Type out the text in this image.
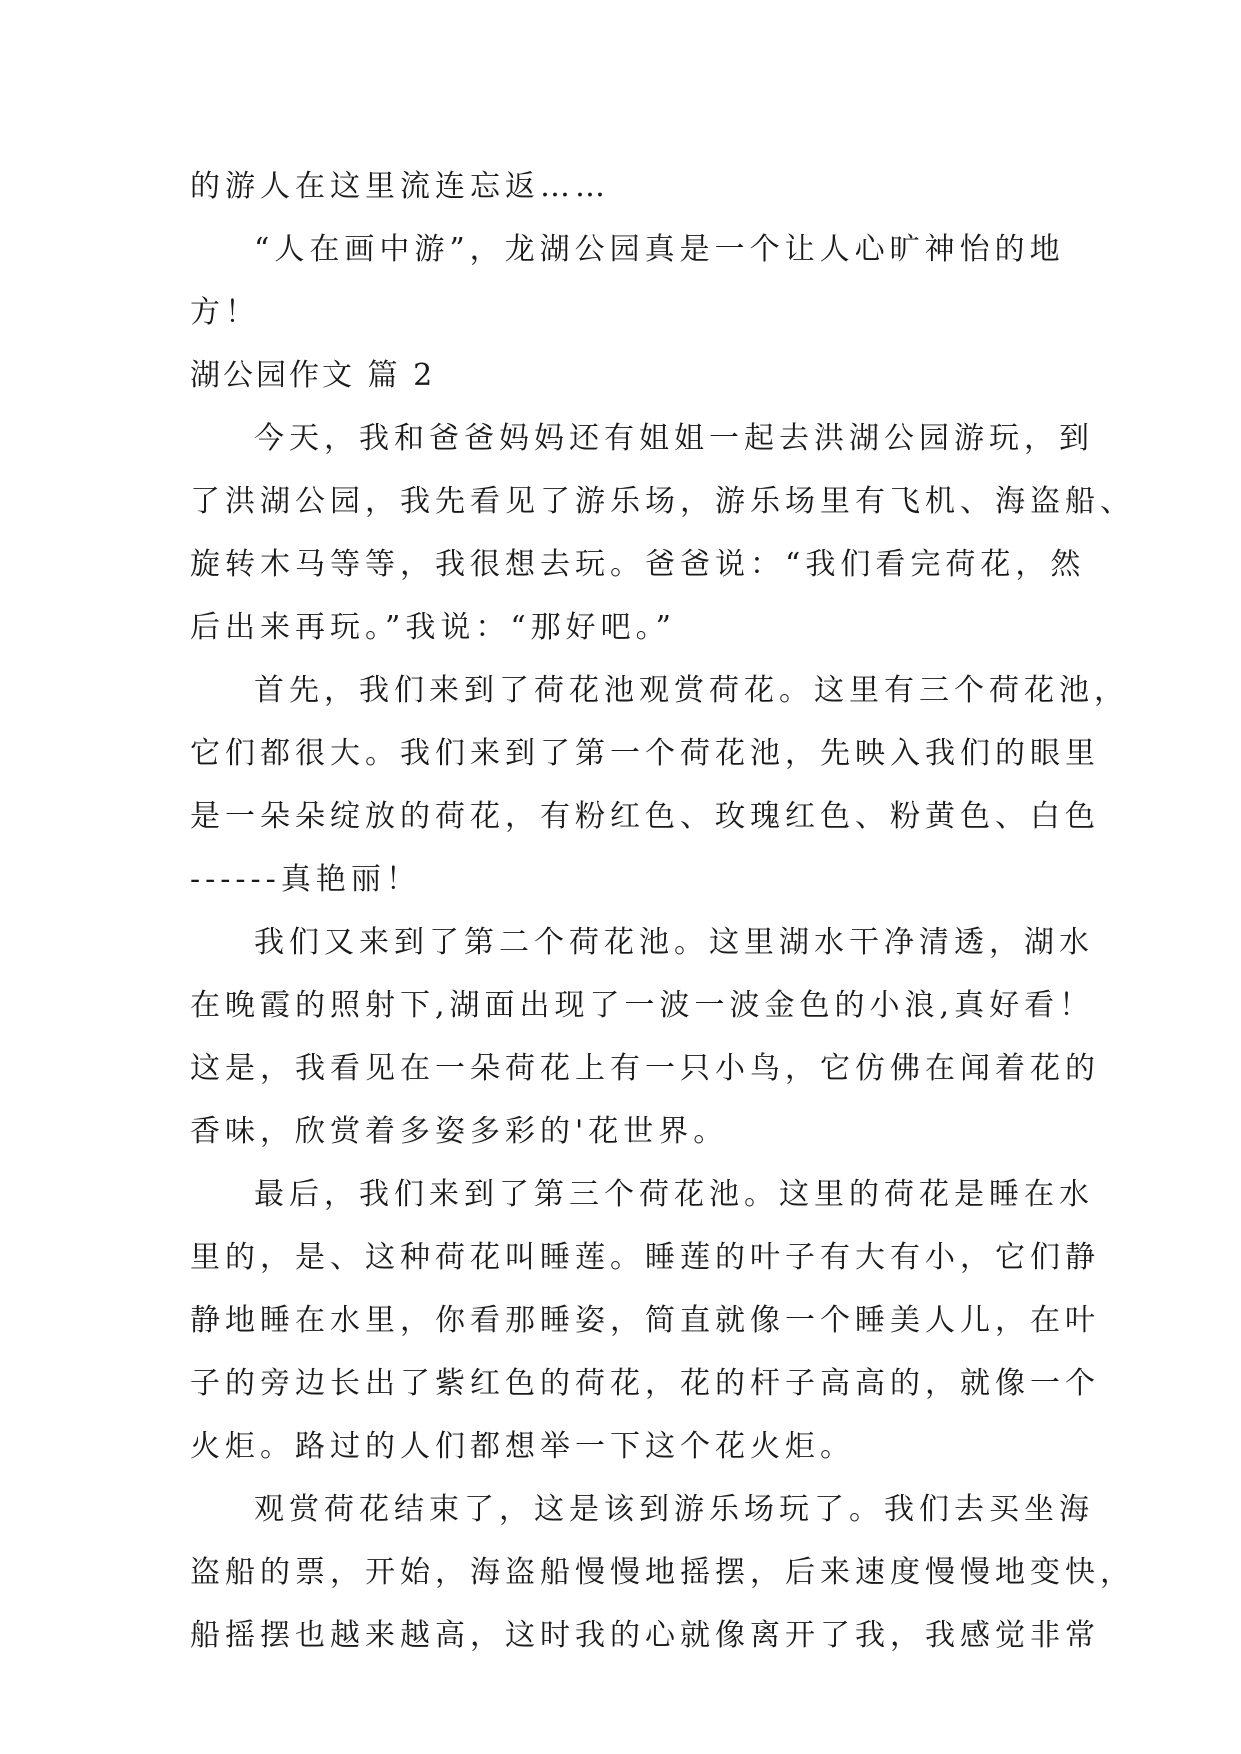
的游人在这里流连忘返……
“人在画中游”，龙湖公园真是一个让人心旷神怡的地
方！
湖公园作文 篇 2
今天，我和爸爸妈妈还有姐姐一起去洪湖公园游玩，到
了洪湖公园，我先看见了游乐场，游乐场里有飞机、海盗船、
旋转木马等等，我很想去玩。爸爸说：“我们看完荷花，然
后出来再玩。”我说：“那好吧。”
首先，我们来到了荷花池观赏荷花。这里有三个荷花池，
它们都很大。我们来到了第一个荷花池，先映入我们的眼里
是一朵朵绽放的荷花，有粉红色、玫瑰红色、粉黄色、白色
------真艳丽！
我们又来到了第二个荷花池。这里湖水干净清透，湖水
在晚霞的照射下,湖面出现了一波一波金色的小浪,真好看！
这是，我看见在一朵荷花上有一只小鸟，它仿佛在闻着花的
香味，欣赏着多姿多彩的'花世界。
最后，我们来到了第三个荷花池。这里的荷花是睡在水
里的，是、这种荷花叫睡莲。睡莲的叶子有大有小，它们静
静地睡在水里，你看那睡姿，简直就像一个睡美人儿，在叶
子的旁边长出了紫红色的荷花，花的杆子高高的，就像一个
火炬。路过的人们都想举一下这个花火炬。
观赏荷花结束了，这是该到游乐场玩了。我们去买坐海
盗船的票，开始，海盗船慢慢地摇摆，后来速度慢慢地变快，
船摇摆也越来越高，这时我的心就像离开了我，我感觉非常
